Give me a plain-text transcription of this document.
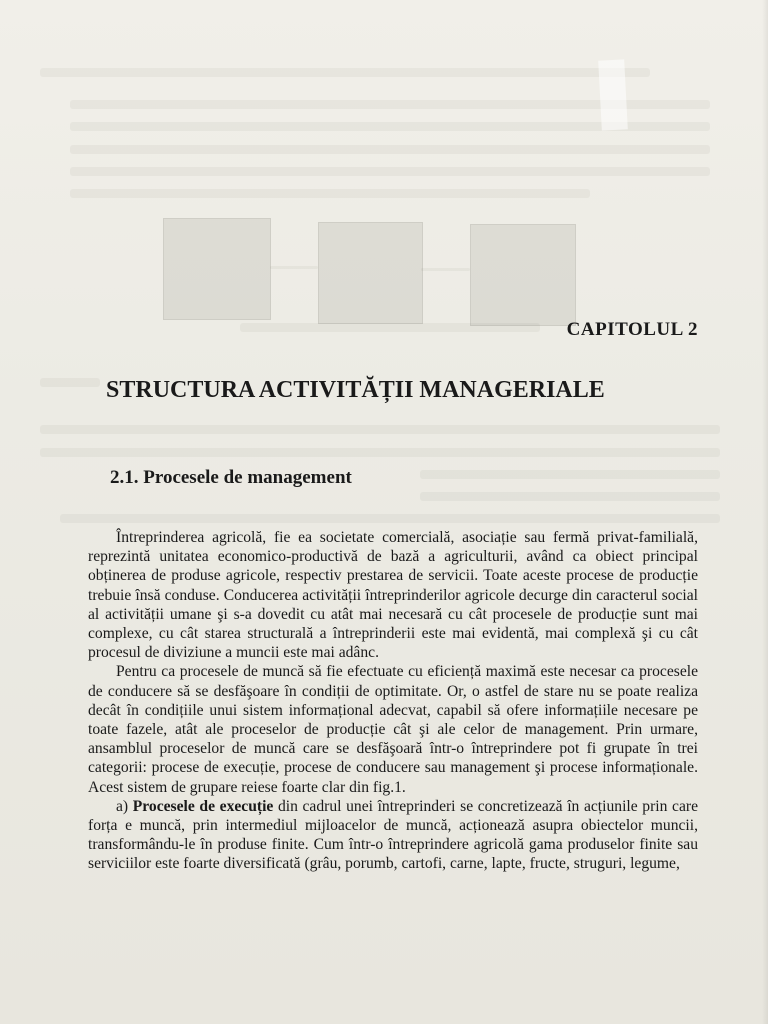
CAPITOLUL 2
STRUCTURA ACTIVITĂȚII MANAGERIALE
2.1. Procesele de management

Întreprinderea agricolă, fie ea societate comercială, asociație sau fermă privat-familială, reprezintă unitatea economico-productivă de bază a agriculturii, având ca obiect principal obținerea de produse agricole, respectiv prestarea de servicii. Toate aceste procese de producție trebuie însă conduse. Conducerea activității întreprinderilor agricole decurge din caracterul social al activității umane şi s-a dovedit cu atât mai necesară cu cât procesele de producție sunt mai complexe, cu cât starea structurală a întreprinderii este mai evidentă, mai complexă şi cu cât procesul de diviziune a muncii este mai adânc.

Pentru ca procesele de muncă să fie efectuate cu eficiență maximă este necesar ca procesele de conducere să se desfăşoare în condiții de optimitate. Or, o astfel de stare nu se poate realiza decât în condițiile unui sistem informațional adecvat, capabil să ofere informațiile necesare pe toate fazele, atât ale proceselor de producție cât şi ale celor de management. Prin urmare, ansamblul proceselor de muncă care se desfăşoară într-o întreprindere pot fi grupate în trei categorii: procese de execuție, procese de conducere sau management şi procese informaționale. Acest sistem de grupare reiese foarte clar din fig.1.

a) Procesele de execuție din cadrul unei întreprinderi se concretizează în acțiunile prin care forța e muncă, prin intermediul mijloacelor de muncă, acționează asupra obiectelor muncii, transformându-le în produse finite. Cum într-o întreprindere agricolă gama produselor finite sau serviciilor este foarte diversificată (grâu, porumb, cartofi, carne, lapte, fructe, struguri, legume,
